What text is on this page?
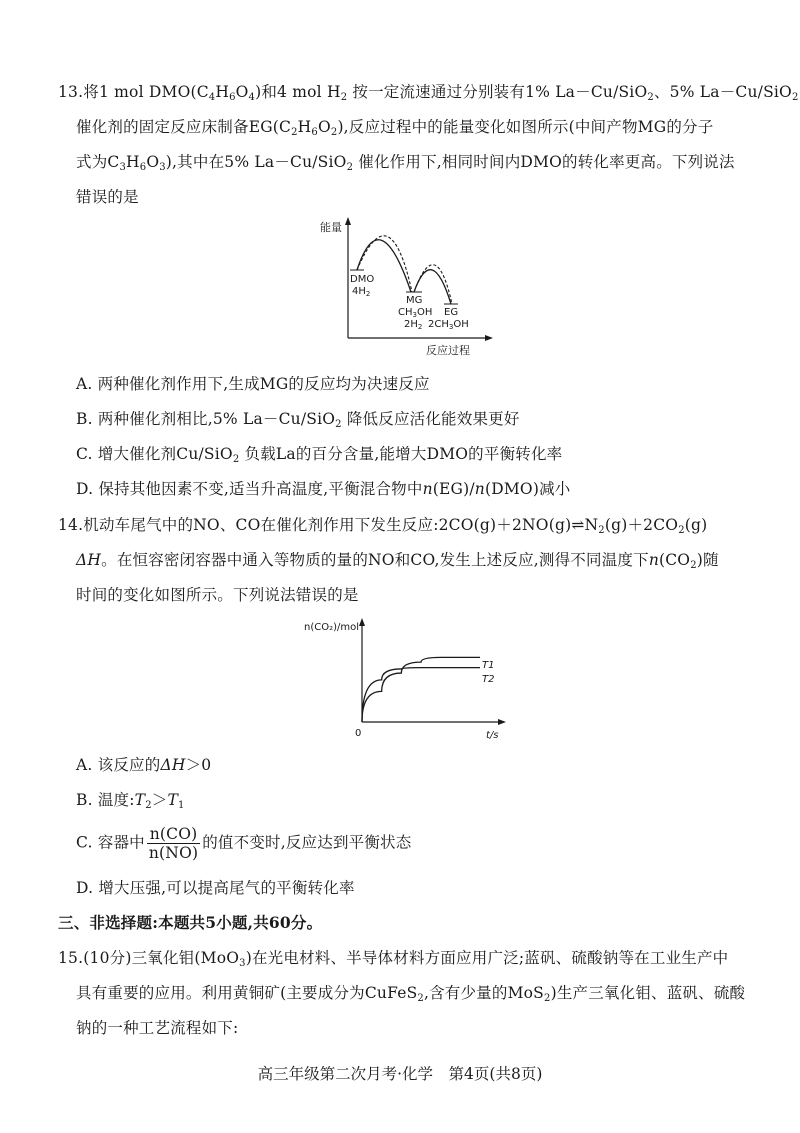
13.将1 mol $DMO(C_4H_6O_4)$和4 mol $H_2$ 按一定流速通过分别装有1% La－Cu/SiO$_2$、5% La－Cu/SiO$_2$
催化剂的固定反应床制备$EG(C_2H_6O_2)$,反应过程中的能量变化如图所示(中间产物MG的分子
式为$C_3H_6O_3$),其中在5% La－Cu/SiO$_2$ 催化作用下,相同时间内DMO的转化率更高。下列说法
错误的是
能量
反应过程
DMO
$4H_2$
MG
$CH_3OH$
$2H_2$
EG
$2CH_3OH$
A. 两种催化剂作用下,生成MG的反应均为决速反应
B. 两种催化剂相比,5% La－Cu/SiO$_2$ 降低反应活化能效果更好
C. 增大催化剂Cu/SiO$_2$ 负载La的百分含量,能增大DMO的平衡转化率
D. 保持其他因素不变,适当升高温度,平衡混合物中n(EG)/n(DMO)减小
14.机动车尾气中的NO、CO在催化剂作用下发生反应$:2CO(g)+2NO(g)\rightleftharpoons N_2(g)+2CO_2(g)$
ΔH。在恒容密闭容器中通入等物质的量的NO和CO,发生上述反应,测得不同温度下$n(CO_2)$随
时间的变化如图所示。下列说法错误的是
n(CO₂)/mol
t/s
0
T1
T2
A. 该反应的ΔH＞0
B. 温度$:T_2>T_1$
C. 容器中 $\frac{n(CO)}{n(NO)}$ 的值不变时,反应达到平衡状态
D. 增大压强,可以提高尾气的平衡转化率
三、非选择题:本题共5小题,共60分。
15.(10分)三氧化钼(MoO$_3$)在光电材料、半导体材料方面应用广泛;蓝矾、硫酸钠等在工业生产中
具有重要的应用。利用黄铜矿(主要成分为CuFeS$_2$,含有少量的MoS$_2$)生产三氧化钼、蓝矾、硫酸
钠的一种工艺流程如下:
高三年级第二次月考·化学　第4页(共8页)
